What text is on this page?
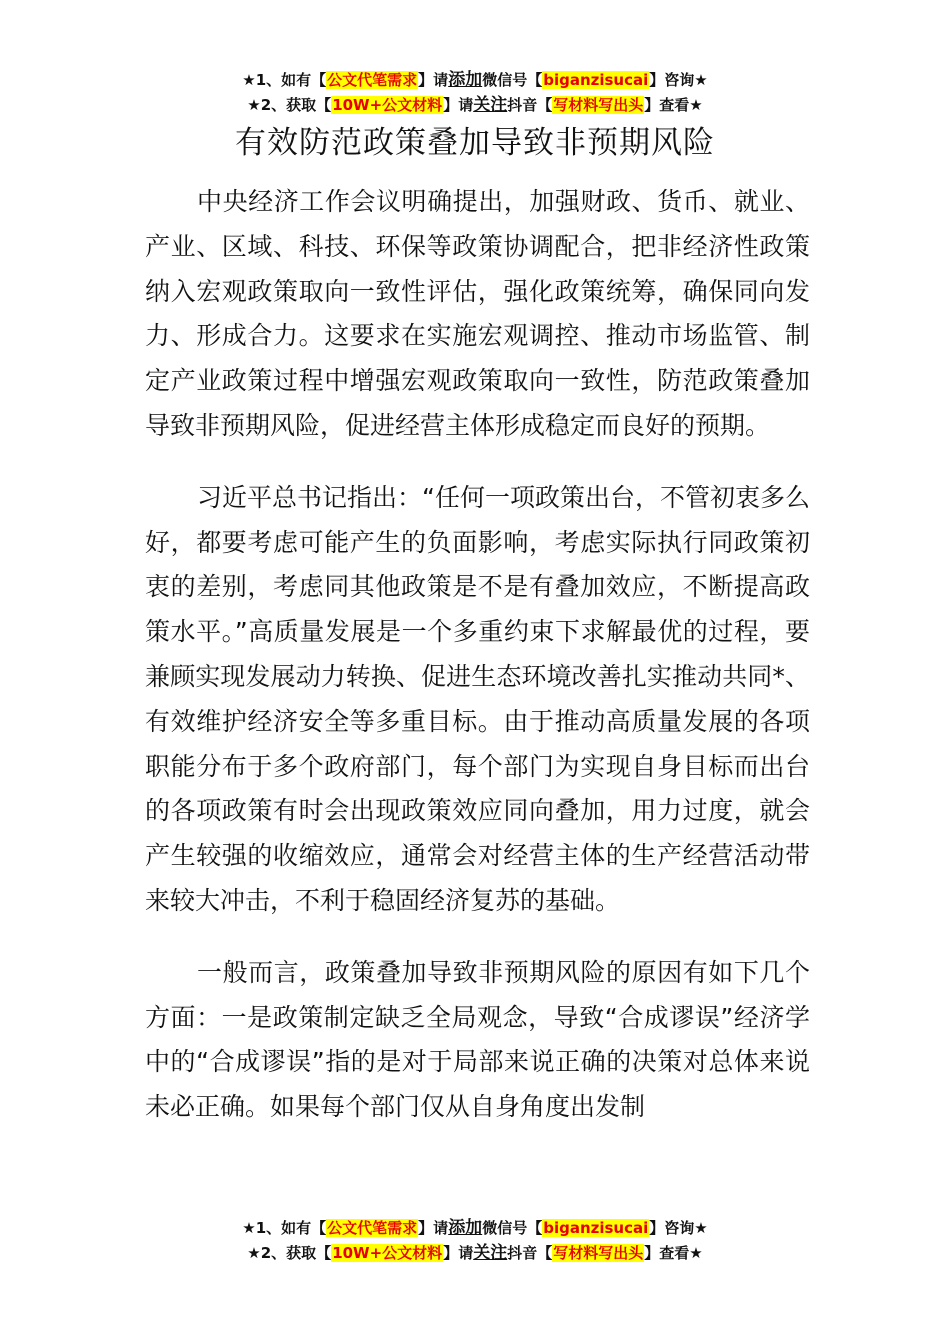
★1、如有【公文代笔需求】请添加微信号【biganzisucai】咨询★
★2、获取【10W+公文材料】请关注抖音【写材料写出头】查看★
有效防范政策叠加导致非预期风险

中央经济工作会议明确提出，加强财政、货币、就业、产业、区域、科技、环保等政策协调配合，把非经济性政策纳入宏观政策取向一致性评估，强化政策统筹，确保同向发力、形成合力。这要求在实施宏观调控、推动市场监管、制定产业政策过程中增强宏观政策取向一致性，防范政策叠加导致非预期风险，促进经营主体形成稳定而良好的预期。

习近平总书记指出：“任何一项政策出台，不管初衷多么好，都要考虑可能产生的负面影响，考虑实际执行同政策初衷的差别，考虑同其他政策是不是有叠加效应，不断提高政策水平。”高质量发展是一个多重约束下求解最优的过程，要兼顾实现发展动力转换、促进生态环境改善扎实推动共同*、有效维护经济安全等多重目标。由于推动高质量发展的各项职能分布于多个政府部门，每个部门为实现自身目标而出台的各项政策有时会出现政策效应同向叠加，用力过度，就会产生较强的收缩效应，通常会对经营主体的生产经营活动带来较大冲击，不利于稳固经济复苏的基础。

一般而言，政策叠加导致非预期风险的原因有如下几个方面：一是政策制定缺乏全局观念，导致“合成谬误”经济学中的“合成谬误”指的是对于局部来说正确的决策对总体来说未必正确。如果每个部门仅从自身角度出发制

★1、如有【公文代笔需求】请添加微信号【biganzisucai】咨询★
★2、获取【10W+公文材料】请关注抖音【写材料写出头】查看★
